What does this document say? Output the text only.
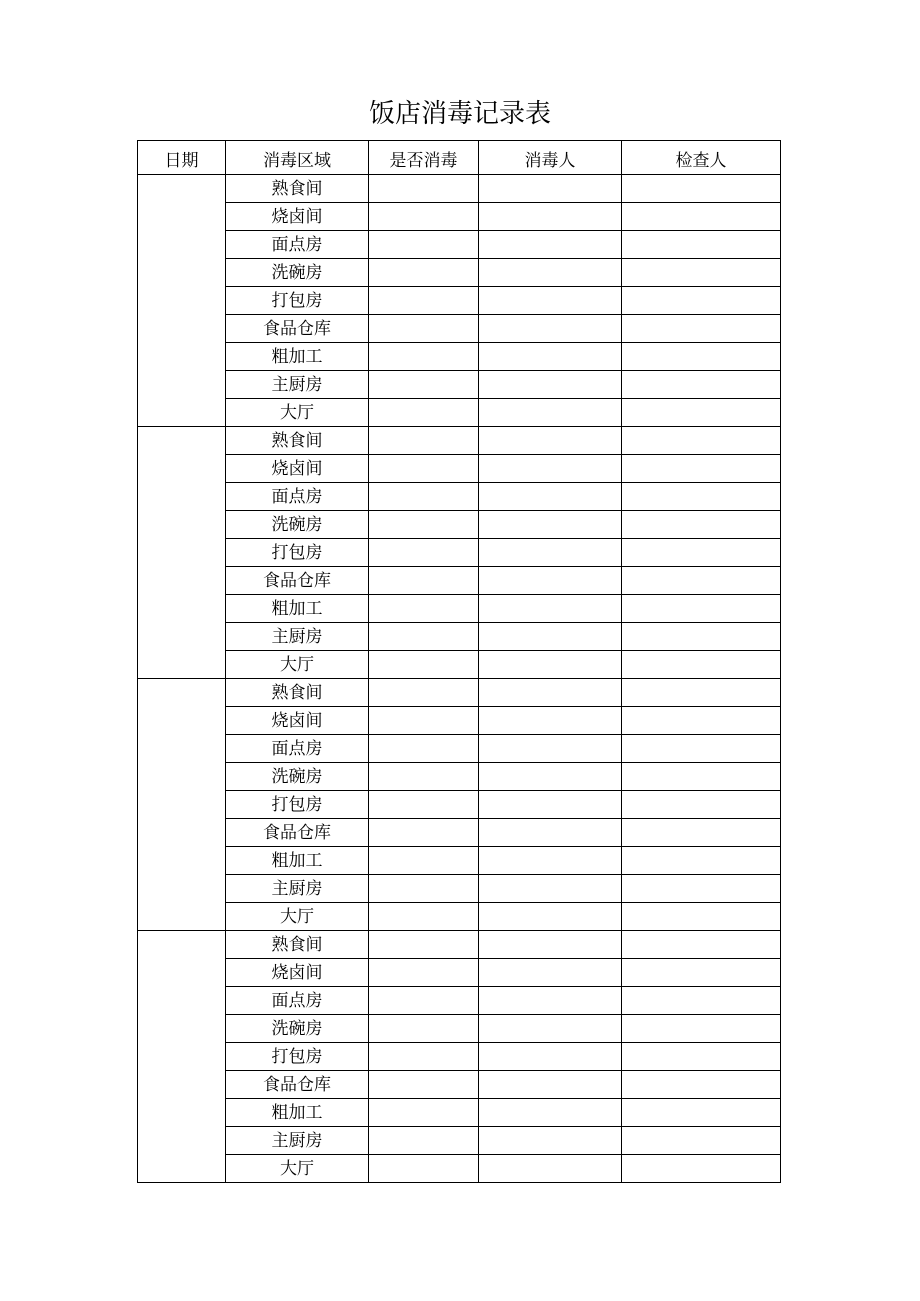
饭店消毒记录表
日期	消毒区域	是否消毒	消毒人	检查人
	熟食间			
	烧卤间			
	面点房			
	洗碗房			
	打包房			
	食品仓库			
	粗加工			
	主厨房			
	大厅			
	熟食间			
	烧卤间			
	面点房			
	洗碗房			
	打包房			
	食品仓库			
	粗加工			
	主厨房			
	大厅			
	熟食间			
	烧卤间			
	面点房			
	洗碗房			
	打包房			
	食品仓库			
	粗加工			
	主厨房			
	大厅			
	熟食间			
	烧卤间			
	面点房			
	洗碗房			
	打包房			
	食品仓库			
	粗加工			
	主厨房			
	大厅			
